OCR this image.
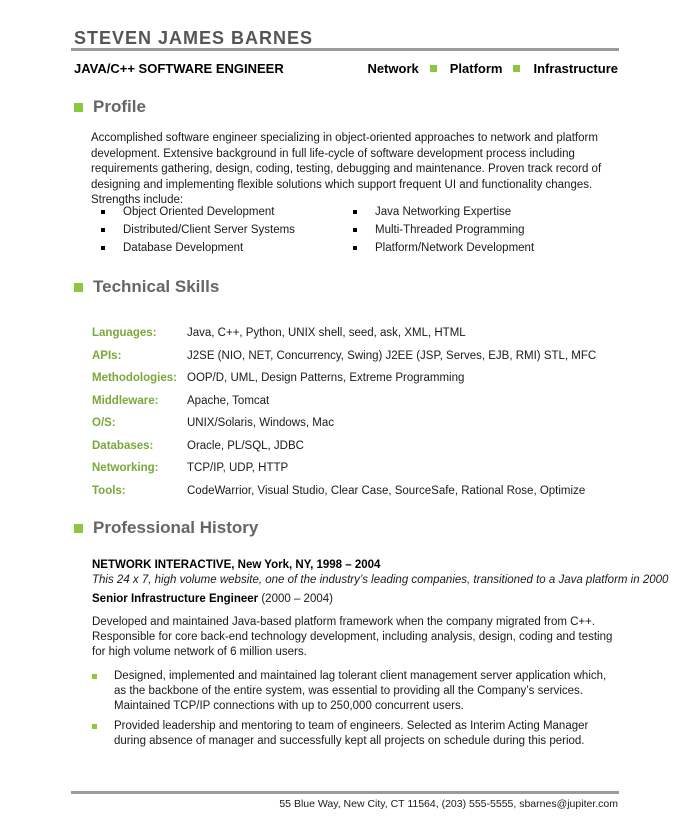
STEVEN JAMES BARNES
JAVA/C++ SOFTWARE ENGINEER	Network Platform Infrastructure
Profile
Accomplished software engineer specializing in object-oriented approaches to network and platform development. Extensive background in full life-cycle of software development process including requirements gathering, design, coding, testing, debugging and maintenance. Proven track record of designing and implementing flexible solutions which support frequent UI and functionality changes. Strengths include:
Object Oriented Development
Distributed/Client Server Systems
Database Development
Java Networking Expertise
Multi-Threaded Programming
Platform/Network Development
Technical Skills
Languages:	Java, C++, Python, UNIX shell, seed, ask, XML, HTML
APIs:	J2SE (NIO, NET, Concurrency, Swing) J2EE (JSP, Serves, EJB, RMI) STL, MFC
Methodologies: OOP/D, UML, Design Patterns, Extreme Programming
Middleware:	Apache, Tomcat
O/S:	UNIX/Solaris, Windows, Mac
Databases:	Oracle, PL/SQL, JDBC
Networking:	TCP/IP, UDP, HTTP
Tools:	CodeWarrior, Visual Studio, Clear Case, SourceSafe, Rational Rose, Optimize
Professional History
NETWORK INTERACTIVE, New York, NY, 1998 – 2004
This 24 x 7, high volume website, one of the industry’s leading companies, transitioned to a Java platform in 2000
Senior Infrastructure Engineer (2000 – 2004)
Developed and maintained Java-based platform framework when the company migrated from C++. Responsible for core back-end technology development, including analysis, design, coding and testing for high volume network of 6 million users.
Designed, implemented and maintained lag tolerant client management server application which, as the backbone of the entire system, was essential to providing all the Company’s services. Maintained TCP/IP connections with up to 250,000 concurrent users.
Provided leadership and mentoring to team of engineers. Selected as Interim Acting Manager during absence of manager and successfully kept all projects on schedule during this period.
55 Blue Way, New City, CT 11564, (203) 555-5555, sbarnes@jupiter.com
